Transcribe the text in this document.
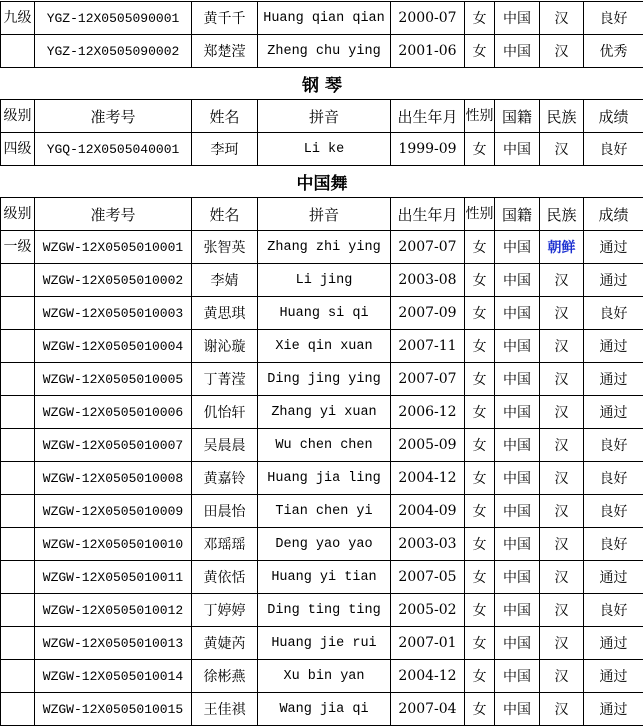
九级	YGZ-12X0505090001	黄千千	Huang qian qian	2000-07	女	中国	汉	良好
	YGZ-12X0505090002	郑楚滢	Zheng chu ying	2001-06	女	中国	汉	优秀
钢 琴								
级别	准考号	姓名	拼音	出生年月	性别	国籍	民族	成绩
四级	YGQ-12X0505040001	李珂	Li ke	1999-09	女	中国	汉	良好
中国舞								
级别	准考号	姓名	拼音	出生年月	性别	国籍	民族	成绩
一级	WZGW-12X0505010001	张智英	Zhang zhi ying	2007-07	女	中国	朝鲜	通过
	WZGW-12X0505010002	李婧	Li jing	2003-08	女	中国	汉	通过
	WZGW-12X0505010003	黄思琪	Huang si qi	2007-09	女	中国	汉	良好
	WZGW-12X0505010004	谢沁璇	Xie qin xuan	2007-11	女	中国	汉	通过
	WZGW-12X0505010005	丁菁滢	Ding jing ying	2007-07	女	中国	汉	通过
	WZGW-12X0505010006	仉怡轩	Zhang yi xuan	2006-12	女	中国	汉	通过
	WZGW-12X0505010007	吴晨晨	Wu chen chen	2005-09	女	中国	汉	良好
	WZGW-12X0505010008	黄嘉铃	Huang jia ling	2004-12	女	中国	汉	良好
	WZGW-12X0505010009	田晨怡	Tian chen yi	2004-09	女	中国	汉	良好
	WZGW-12X0505010010	邓瑶瑶	Deng yao yao	2003-03	女	中国	汉	良好
	WZGW-12X0505010011	黄依恬	Huang yi tian	2007-05	女	中国	汉	通过
	WZGW-12X0505010012	丁婷婷	Ding ting ting	2005-02	女	中国	汉	良好
	WZGW-12X0505010013	黄婕芮	Huang jie rui	2007-01	女	中国	汉	通过
	WZGW-12X0505010014	徐彬燕	Xu bin yan	2004-12	女	中国	汉	通过
	WZGW-12X0505010015	王佳祺	Wang jia qi	2007-04	女	中国	汉	通过
